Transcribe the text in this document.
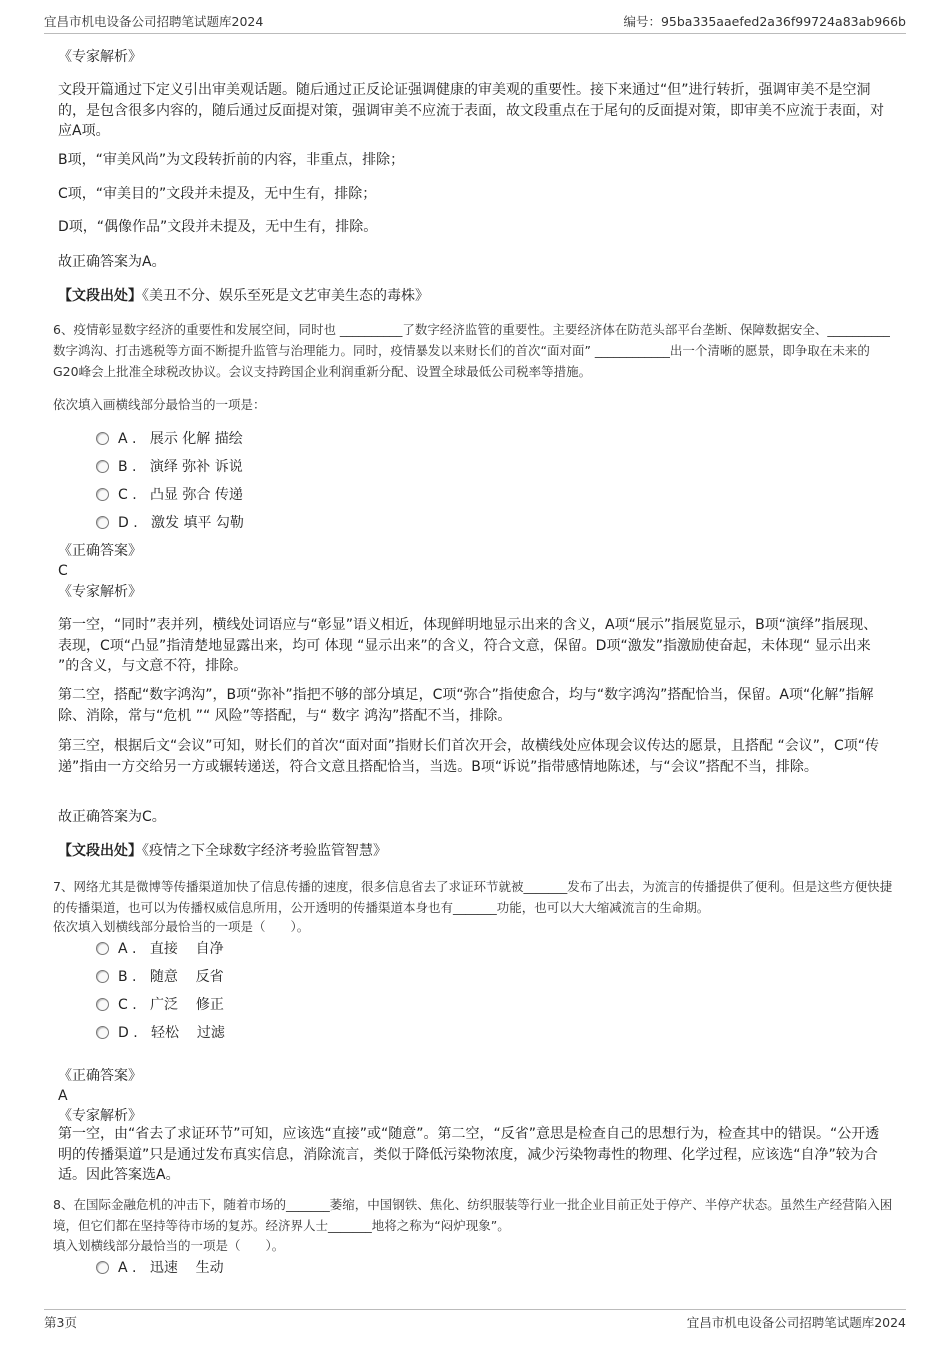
宜昌市机电设备公司招聘笔试题库2024	编号：95ba335aaefed2a36f99724a83ab966b
《专家解析》
文段开篇通过下定义引出审美观话题。随后通过正反论证强调健康的审美观的重要性。接下来通过“但”进行转折，强调审美不是空洞的，是包含很多内容的，随后通过反面提对策，强调审美不应流于表面，故文段重点在于尾句的反面提对策，即审美不应流于表面，对应A项。
B项，“审美风尚”为文段转折前的内容，非重点，排除；
C项，“审美目的”文段并未提及，无中生有，排除；
D项，“偶像作品”文段并未提及，无中生有，排除。
故正确答案为A。
【文段出处】《美丑不分、娱乐至死是文艺审美生态的毒株》
6、疫情彰显数字经济的重要性和发展空间，同时也 __________了数字经济监管的重要性。主要经济体在防范头部平台垄断、保障数据安全、__________数字鸿沟、打击逃税等方面不断提升监管与治理能力。同时，疫情暴发以来财长们的首次“面对面” ____________出一个清晰的愿景，即争取在未来的G20峰会上批准全球税改协议。会议支持跨国企业利润重新分配、设置全球最低公司税率等措施。
依次填入画横线部分最恰当的一项是：
A .   展示 化解 描绘
B .   演绎 弥补 诉说
C .   凸显 弥合 传递
D .   激发 填平 勾勒
《正确答案》
C
《专家解析》
第一空，“同时”表并列，横线处词语应与“彰显”语义相近，体现鲜明地显示出来的含义，A项“展示”指展览显示，B项“演绎”指展现、表现，C项“凸显”指清楚地显露出来，均可 体现 “显示出来”的含义，符合文意，保留。D项“激发”指激励使奋起，未体现“ 显示出来 ”的含义，与文意不符，排除。
第二空，搭配“数字鸿沟”，B项“弥补”指把不够的部分填足，C项“弥合”指使愈合，均与“数字鸿沟”搭配恰当，保留。A项“化解”指解除、消除，常与“危机 ”“ 风险”等搭配，与“ 数字 鸿沟”搭配不当，排除。
第三空，根据后文“会议”可知，财长们的首次“面对面”指财长们首次开会，故横线处应体现会议传达的愿景，且搭配 “会议”，C项“传递”指由一方交给另一方或辗转递送，符合文意且搭配恰当，当选。B项“诉说”指带感情地陈述，与“会议”搭配不当，排除。
故正确答案为C。
【文段出处】《疫情之下全球数字经济考验监管智慧》
7、网络尤其是微博等传播渠道加快了信息传播的速度，很多信息省去了求证环节就被_______发布了出去，为流言的传播提供了便利。但是这些方便快捷的传播渠道，也可以为传播权威信息所用，公开透明的传播渠道本身也有_______功能，也可以大大缩减流言的生命期。
依次填入划横线部分最恰当的一项是（　　）。
A .   直接    自净
B .   随意    反省
C .   广泛    修正
D .   轻松    过滤
《正确答案》
A
《专家解析》
第一空，由“省去了求证环节”可知，应该选“直接”或“随意”。第二空，“反省”意思是检查自己的思想行为，检查其中的错误。“公开透明的传播渠道”只是通过发布真实信息，消除流言，类似于降低污染物浓度，减少污染物毒性的物理、化学过程，应该选“自净”较为合适。因此答案选A。
8、在国际金融危机的冲击下，随着市场的_______萎缩，中国钢铁、焦化、纺织服装等行业一批企业目前正处于停产、半停产状态。虽然生产经营陷入困境，但它们都在坚持等待市场的复苏。经济界人士_______地将之称为“闷炉现象”。
填入划横线部分最恰当的一项是（　　）。
A .   迅速    生动
第3页	宜昌市机电设备公司招聘笔试题库2024
